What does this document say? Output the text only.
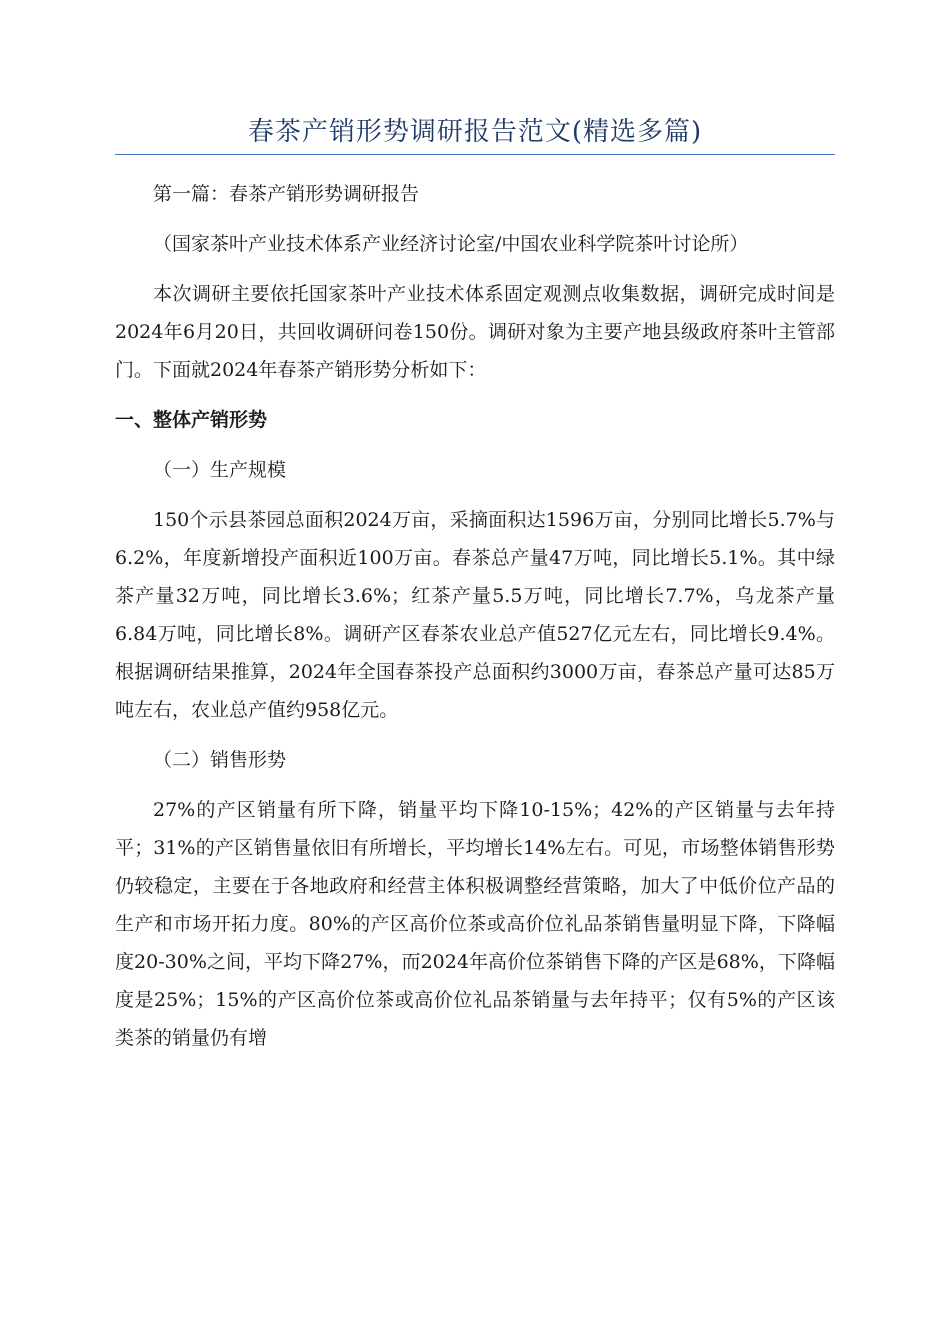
春茶产销形势调研报告范文(精选多篇)

第一篇：春茶产销形势调研报告

（国家茶叶产业技术体系产业经济讨论室/中国农业科学院茶叶讨论所）

本次调研主要依托国家茶叶产业技术体系固定观测点收集数据，调研完成时间是2024年6月20日，共回收调研问卷150份。调研对象为主要产地县级政府茶叶主管部门。下面就2024年春茶产销形势分析如下：

一、整体产销形势

（一）生产规模

150个示县茶园总面积2024万亩，采摘面积达1596万亩，分别同比增长5.7%与6.2%，年度新增投产面积近100万亩。春茶总产量47万吨，同比增长5.1%。其中绿茶产量32万吨，同比增长3.6%；红茶产量5.5万吨，同比增长7.7%，乌龙茶产量6.84万吨，同比增长8%。调研产区春茶农业总产值527亿元左右，同比增长9.4%。根据调研结果推算，2024年全国春茶投产总面积约3000万亩，春茶总产量可达85万吨左右，农业总产值约958亿元。

（二）销售形势

27%的产区销量有所下降，销量平均下降10-15%；42%的产区销量与去年持平；31%的产区销售量依旧有所增长，平均增长14%左右。可见，市场整体销售形势仍较稳定，主要在于各地政府和经营主体积极调整经营策略，加大了中低价位产品的生产和市场开拓力度。80%的产区高价位茶或高价位礼品茶销售量明显下降，下降幅度20-30%之间，平均下降27%，而2024年高价位茶销售下降的产区是68%，下降幅度是25%；15%的产区高价位茶或高价位礼品茶销量与去年持平；仅有5%的产区该类茶的销量仍有增
